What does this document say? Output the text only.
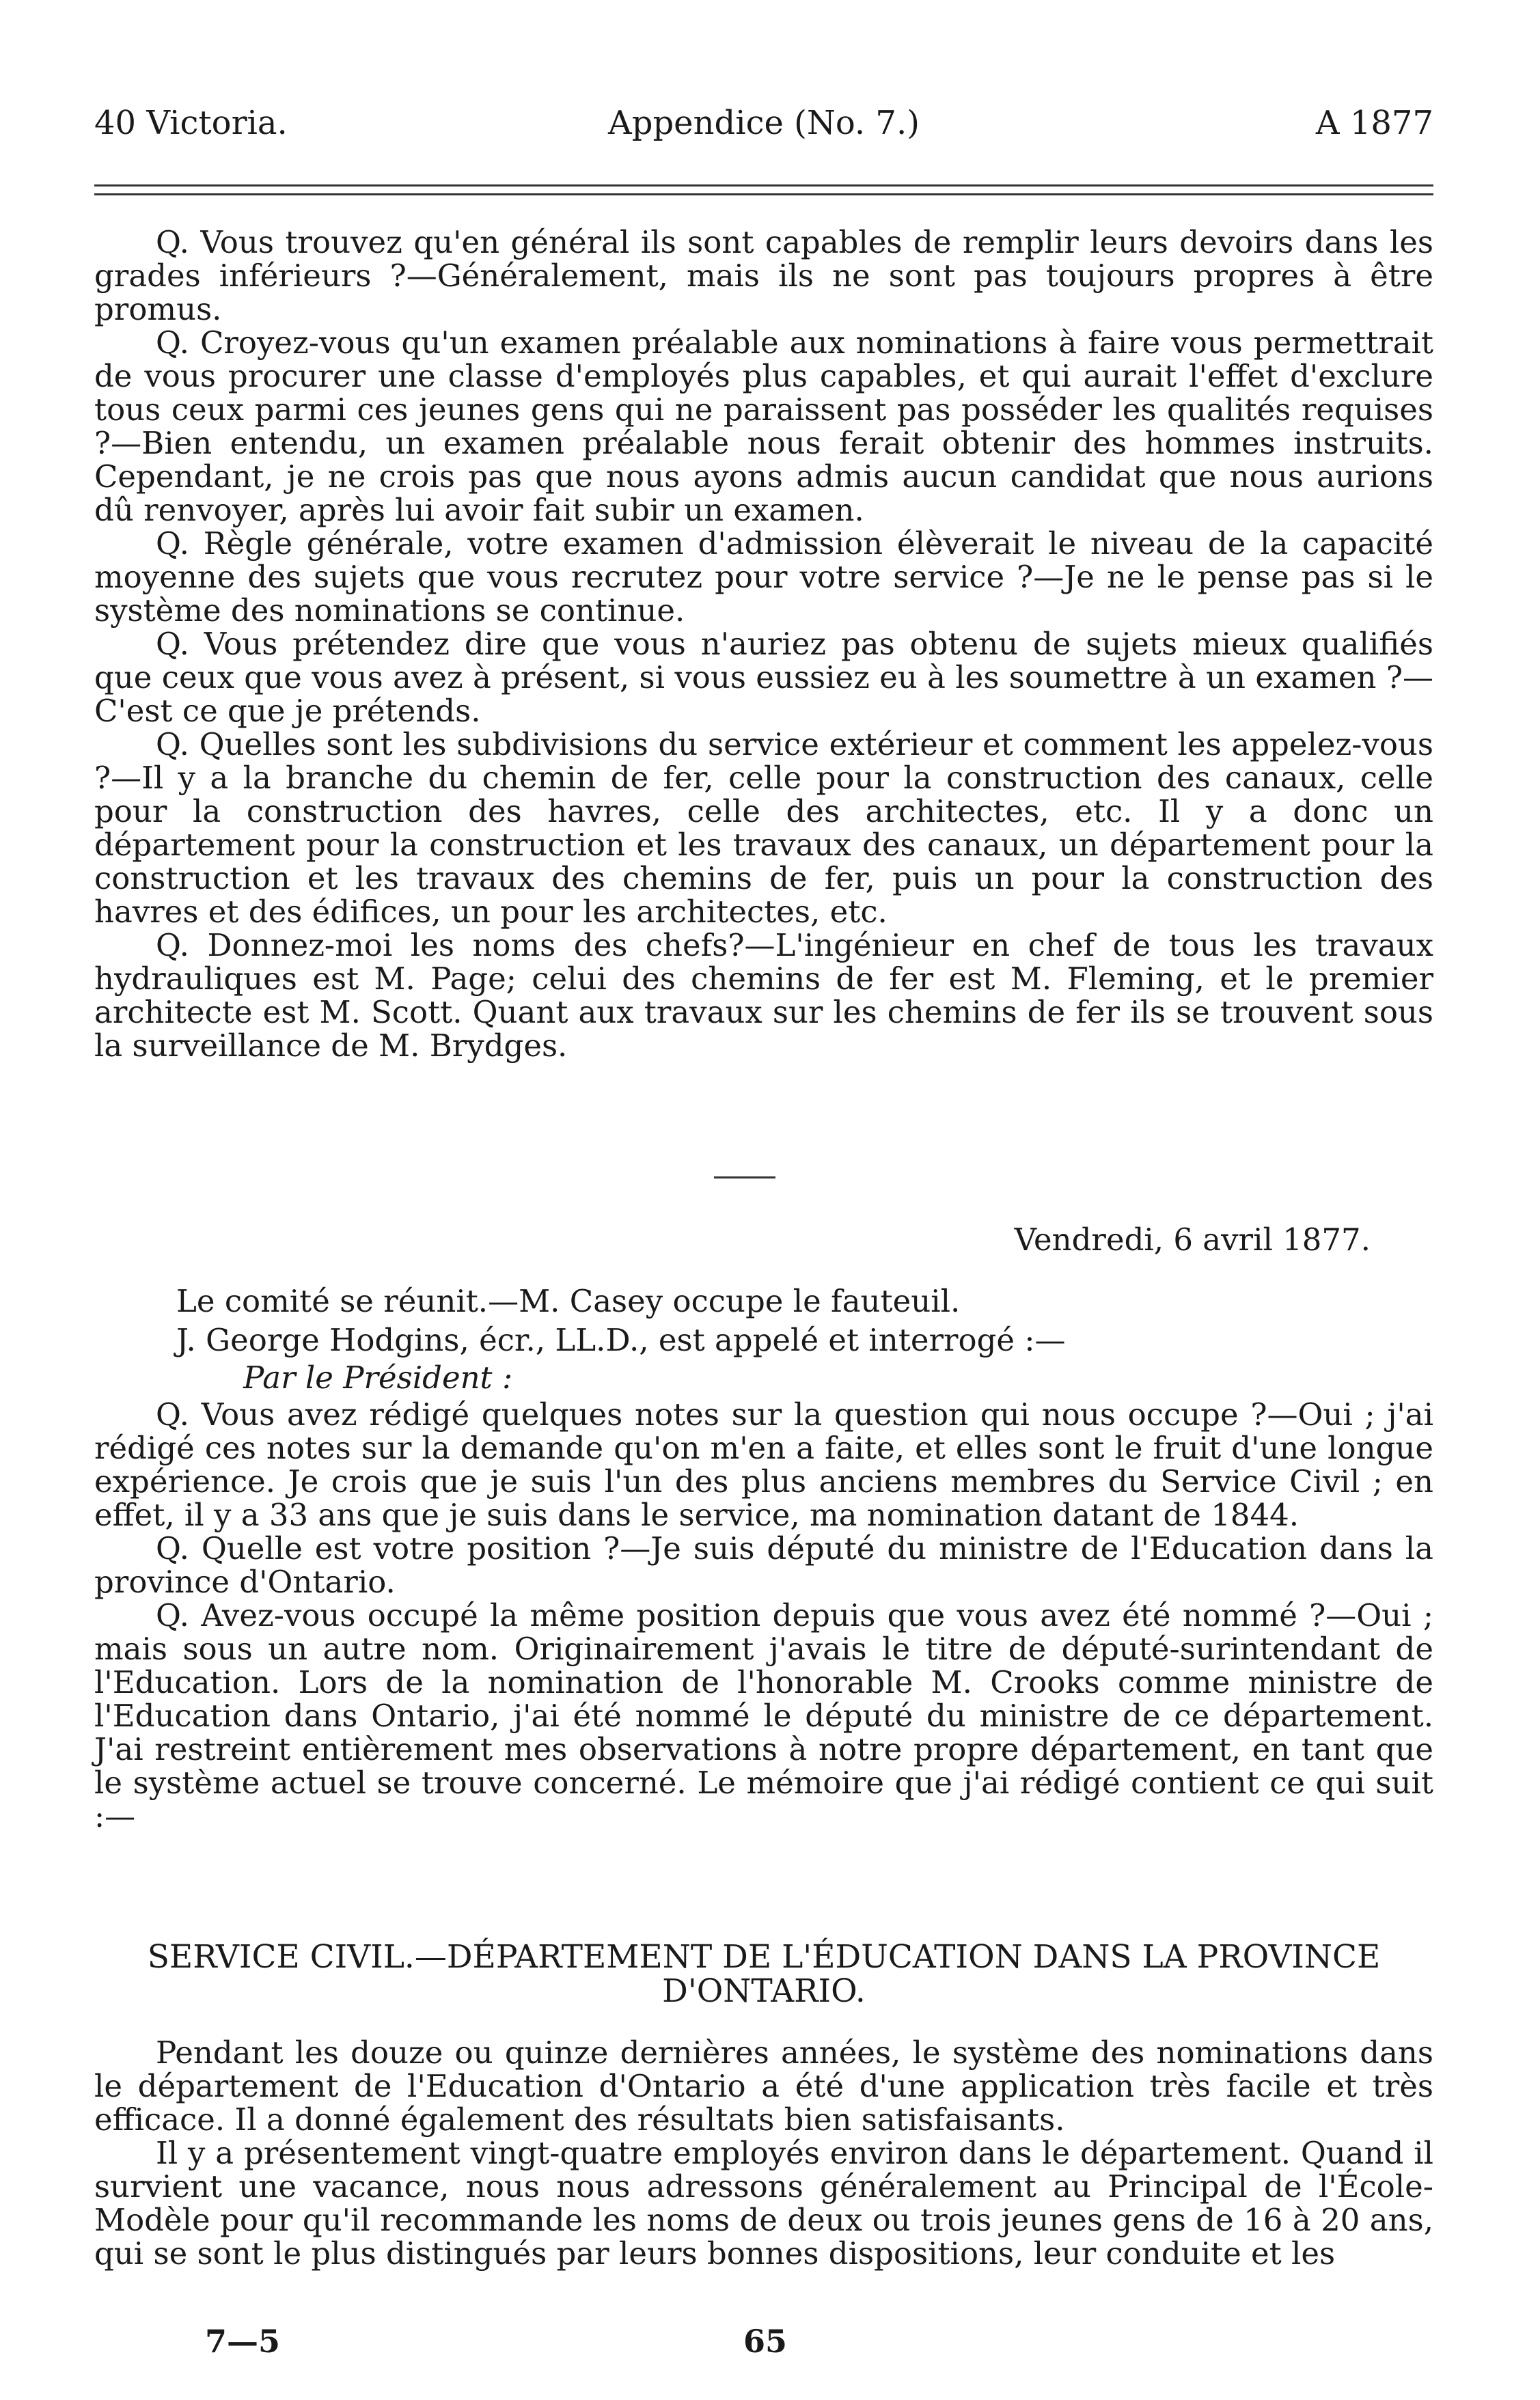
40 Victoria.	Appendice (No. 7.)	A 1877

Q. Vous trouvez qu'en général ils sont capables de remplir leurs devoirs dans les grades inférieurs ?—Généralement, mais ils ne sont pas toujours propres à être promus.

Q. Croyez-vous qu'un examen préalable aux nominations à faire vous permettrait de vous procurer une classe d'employés plus capables, et qui aurait l'effet d'exclure tous ceux parmi ces jeunes gens qui ne paraissent pas posséder les qualités requises ?—Bien entendu, un examen préalable nous ferait obtenir des hommes instruits. Cependant, je ne crois pas que nous ayons admis aucun candidat que nous aurions dû renvoyer, après lui avoir fait subir un examen.

Q. Règle générale, votre examen d'admission élèverait le niveau de la capacité moyenne des sujets que vous recrutez pour votre service ?—Je ne le pense pas si le système des nominations se continue.

Q. Vous prétendez dire que vous n'auriez pas obtenu de sujets mieux qualifiés que ceux que vous avez à présent, si vous eussiez eu à les soumettre à un examen ?—C'est ce que je prétends.

Q. Quelles sont les subdivisions du service extérieur et comment les appelez-vous ?—Il y a la branche du chemin de fer, celle pour la construction des canaux, celle pour la construction des havres, celle des architectes, etc. Il y a donc un département pour la construction et les travaux des canaux, un département pour la construction et les travaux des chemins de fer, puis un pour la construction des havres et des édifices, un pour les architectes, etc.

Q. Donnez-moi les noms des chefs?—L'ingénieur en chef de tous les travaux hydrauliques est M. Page; celui des chemins de fer est M. Fleming, et le premier architecte est M. Scott. Quant aux travaux sur les chemins de fer ils se trouvent sous la surveillance de M. Brydges.

Vendredi, 6 avril 1877.

Le comité se réunit.—M. Casey occupe le fauteuil.

J. George Hodgins, écr., LL.D., est appelé et interrogé :—

Par le Président :

Q. Vous avez rédigé quelques notes sur la question qui nous occupe ?—Oui ; j'ai rédigé ces notes sur la demande qu'on m'en a faite, et elles sont le fruit d'une longue expérience. Je crois que je suis l'un des plus anciens membres du Service Civil ; en effet, il y a 33 ans que je suis dans le service, ma nomination datant de 1844.

Q. Quelle est votre position ?—Je suis député du ministre de l'Education dans la province d'Ontario.

Q. Avez-vous occupé la même position depuis que vous avez été nommé ?—Oui ; mais sous un autre nom. Originairement j'avais le titre de député-surintendant de l'Education. Lors de la nomination de l'honorable M. Crooks comme ministre de l'Education dans Ontario, j'ai été nommé le député du ministre de ce département. J'ai restreint entièrement mes observations à notre propre département, en tant que le système actuel se trouve concerné. Le mémoire que j'ai rédigé contient ce qui suit :—

SERVICE CIVIL.—DÉPARTEMENT DE L'ÉDUCATION DANS LA PROVINCE D'ONTARIO.

Pendant les douze ou quinze dernières années, le système des nominations dans le département de l'Education d'Ontario a été d'une application très facile et très efficace. Il a donné également des résultats bien satisfaisants.

Il y a présentement vingt-quatre employés environ dans le département. Quand il survient une vacance, nous nous adressons généralement au Principal de l'École-Modèle pour qu'il recommande les noms de deux ou trois jeunes gens de 16 à 20 ans, qui se sont le plus distingués par leurs bonnes dispositions, leur conduite et les

7—5	65
